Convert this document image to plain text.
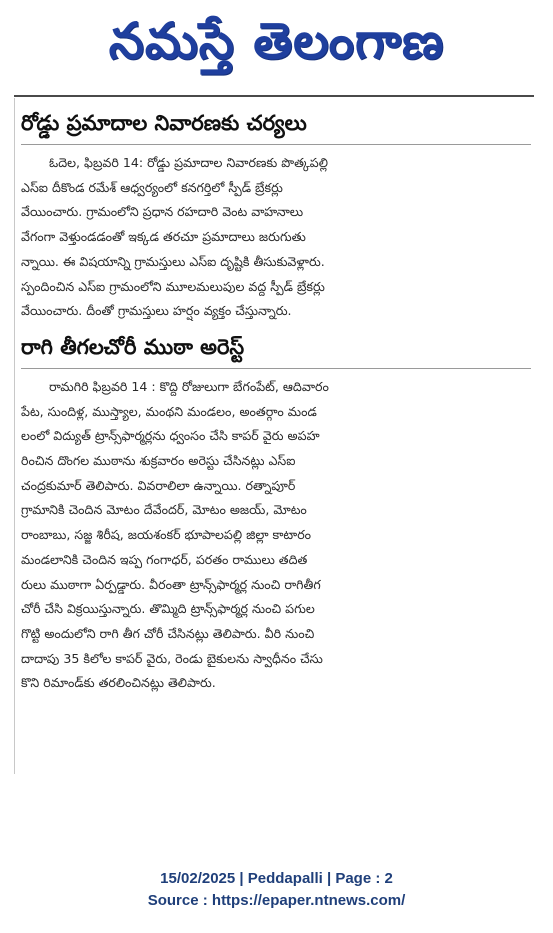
నమస్తే తెలంగాణ
రోడ్డు ప్రమాదాల నివారణకు చర్యలు

ఓదెల, ఫిబ్రవరి 14: రోడ్డు ప్రమాదాల నివారణకు పొత్కపల్లి
ఎస్ఐ దీకొండ రమేశ్ ఆధ్వర్యంలో కనగర్తిలో స్పీడ్ బ్రేకర్లు
వేయించారు. గ్రామంలోని ప్రధాన రహదారి వెంట వాహనాలు
వేగంగా వెళ్తుండడంతో ఇక్కడ తరచూ ప్రమాదాలు జరుగుతు
న్నాయి. ఈ విషయాన్ని గ్రామస్తులు ఎస్ఐ దృష్టికి తీసుకువెళ్లారు.
స్పందించిన ఎస్ఐ గ్రామంలోని మూలమలుపుల వద్ద స్పీడ్ బ్రేకర్లు
వేయించారు. దీంతో గ్రామస్తులు హర్షం వ్యక్తం చేస్తున్నారు.

రాగి తీగలచోరీ ముఠా అరెస్ట్

రామగిరి ఫిబ్రవరి 14 : కొద్ది రోజులుగా బేగంపేట్, ఆదివారం
పేట, సుందిళ్ల, ముస్త్యాల, మంథని మండలం, అంతర్గాం మండ
లంలో విద్యుత్ ట్రాన్స్‌ఫార్మర్లను ధ్వంసం చేసి కాపర్ వైరు అపహ
రించిన దొంగల ముఠాను శుక్రవారం అరెస్టు చేసినట్లు ఎస్ఐ
చంద్రకుమార్ తెలిపారు. వివరాలిలా ఉన్నాయి. రత్నాపూర్
గ్రామానికి చెందిన మోటం దేవేందర్, మోటం అజయ్, మోటం
రాంబాబు, సజ్జ శిరీష, జయశంకర్ భూపాలపల్లి జిల్లా కాటారం
మండలానికి చెందిన ఇప్ప గంగాధర్, పరతం రాములు తదిత
రులు ముఠాగా ఏర్పడ్డారు. వీరంతా ట్రాన్స్‌ఫార్మర్ల నుంచి రాగితీగ
చోరీ చేసి విక్రయిస్తున్నారు. తొమ్మిది ట్రాన్స్‌ఫార్మర్ల నుంచి పగుల
గొట్టి అందులోని రాగి తీగ చోరీ చేసినట్లు తెలిపారు. వీరి నుంచి
దాదాపు 35 కిలోల కాపర్ వైరు, రెండు బైకులను స్వాధీనం చేసు
కొని రిమాండ్‌కు తరలించినట్లు తెలిపారు.

15/02/2025 | Peddapalli | Page : 2
Source : https://epaper.ntnews.com/
